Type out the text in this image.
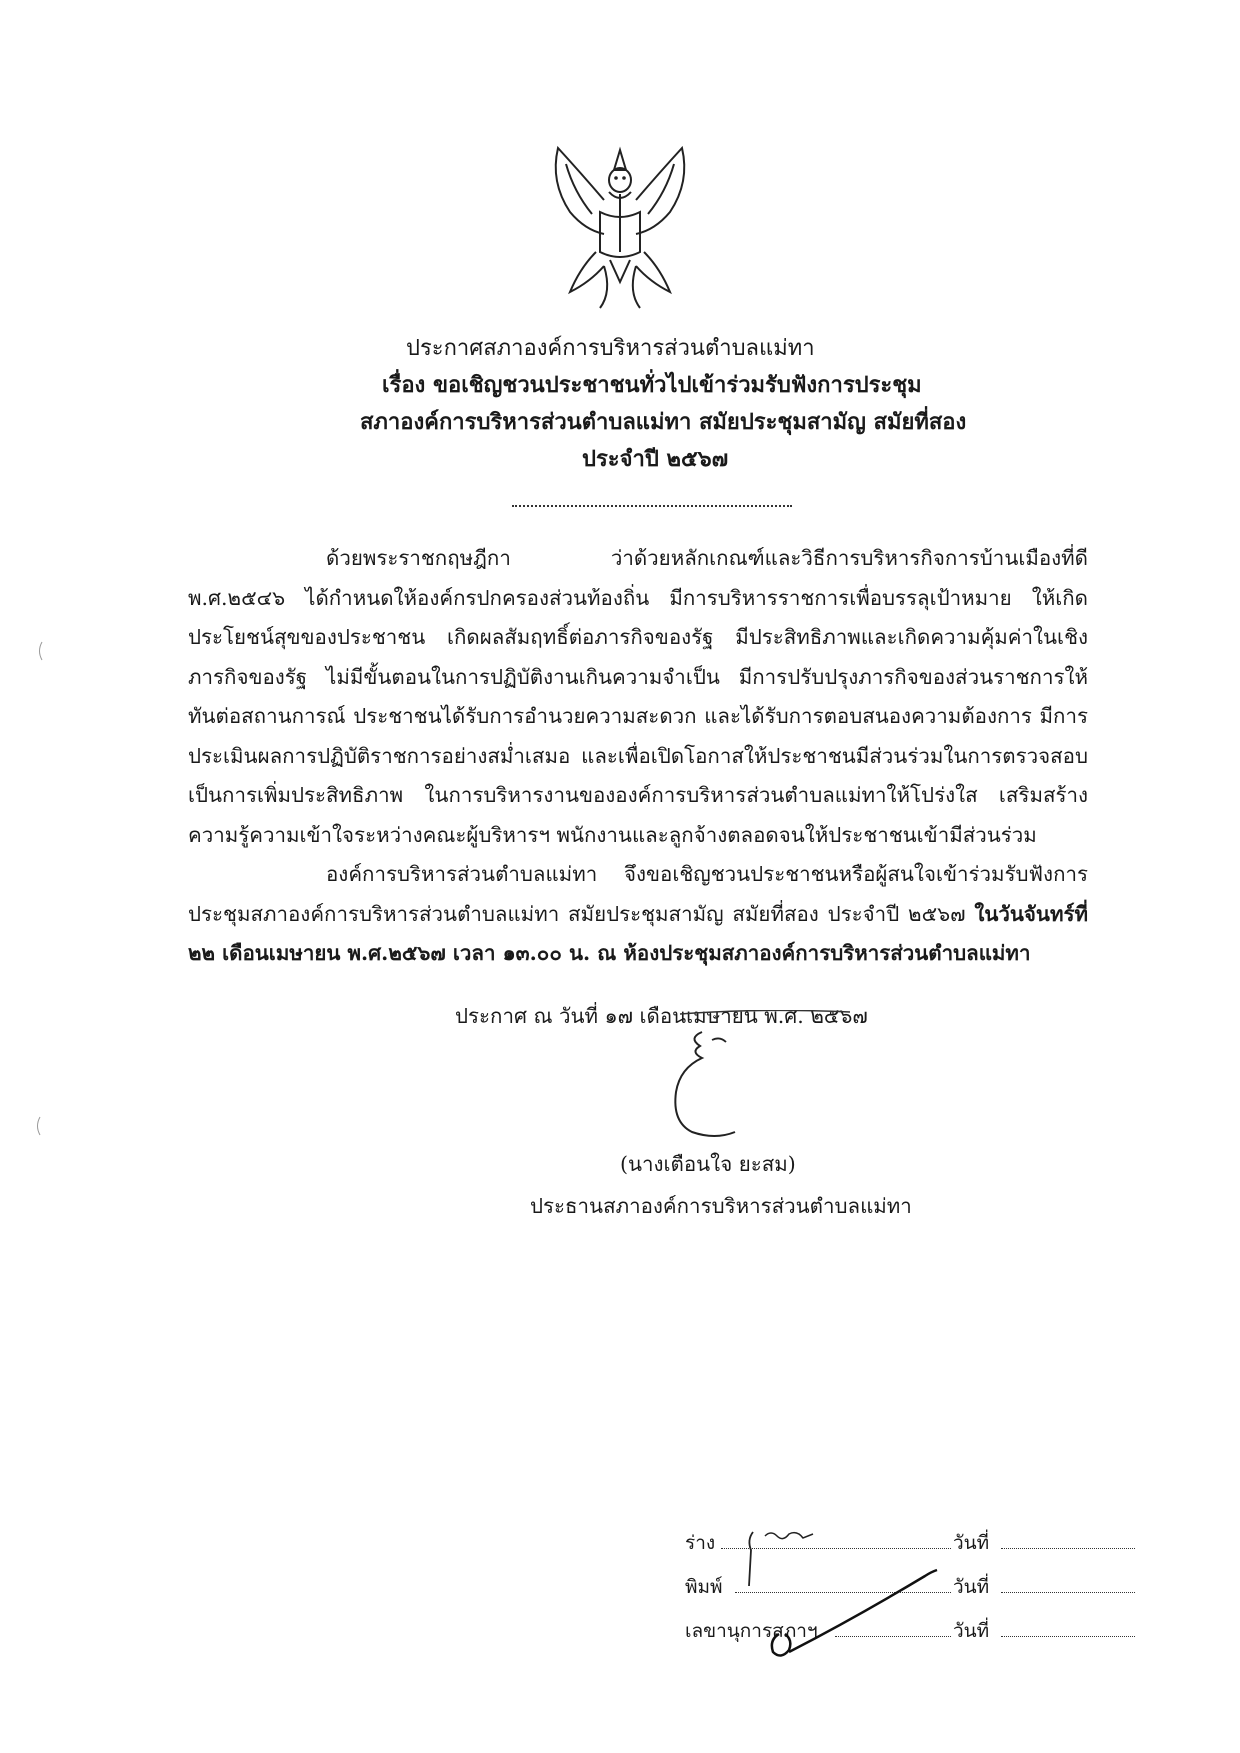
ประกาศสภาองค์การบริหารส่วนตำบลแม่ทา
เรื่อง ขอเชิญชวนประชาชนทั่วไปเข้าร่วมรับฟังการประชุม
สภาองค์การบริหารส่วนตำบลแม่ทา สมัยประชุมสามัญ สมัยที่สอง
ประจำปี ๒๕๖๗

ด้วยพระราชกฤษฎีกา ว่าด้วยหลักเกณฑ์และวิธีการบริหารกิจการบ้านเมืองที่ดี พ.ศ.๒๕๔๖ ได้กำหนดให้องค์กรปกครองส่วนท้องถิ่น มีการบริหารราชการเพื่อบรรลุเป้าหมาย ให้เกิดประโยชน์สุขของประชาชน เกิดผลสัมฤทธิ์ต่อภารกิจของรัฐ มีประสิทธิภาพและเกิดความคุ้มค่าในเชิงภารกิจของรัฐ ไม่มีขั้นตอนในการปฏิบัติงานเกินความจำเป็น มีการปรับปรุงภารกิจของส่วนราชการให้ทันต่อสถานการณ์ ประชาชนได้รับการอำนวยความสะดวก และได้รับการตอบสนองความต้องการ มีการประเมินผลการปฏิบัติราชการอย่างสม่ำเสมอ และเพื่อเปิดโอกาสให้ประชาชนมีส่วนร่วมในการตรวจสอบ เป็นการเพิ่มประสิทธิภาพ ในการบริหารงานขององค์การบริหารส่วนตำบลแม่ทาให้โปร่งใส เสริมสร้างความรู้ความเข้าใจระหว่างคณะผู้บริหารฯ พนักงานและลูกจ้างตลอดจนให้ประชาชนเข้ามีส่วนร่วม

องค์การบริหารส่วนตำบลแม่ทา จึงขอเชิญชวนประชาชนหรือผู้สนใจเข้าร่วมรับฟังการประชุมสภาองค์การบริหารส่วนตำบลแม่ทา สมัยประชุมสามัญ สมัยที่สอง ประจำปี ๒๕๖๗ ในวันจันทร์ที่ ๒๒ เดือนเมษายน พ.ศ.๒๕๖๗ เวลา ๑๓.๐๐ น. ณ ห้องประชุมสภาองค์การบริหารส่วนตำบลแม่ทา

ประกาศ ณ วันที่ ๑๗ เดือนเมษายน พ.ศ. ๒๕๖๗
(นางเตือนใจ ยะสม)
ประธานสภาองค์การบริหารส่วนตำบลแม่ทา
ร่าง	วันที่
พิมพ์	วันที่
เลขานุการสภาฯ	วันที่
